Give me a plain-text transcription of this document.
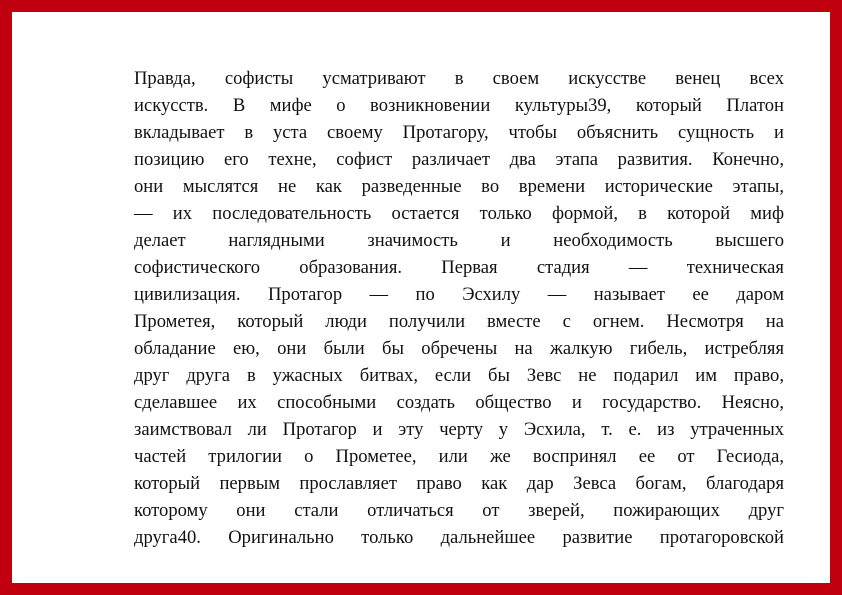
Правда, софисты усматривают в своем искусстве венец всех
искусств. В мифе о возникновении культуры39, который Платон
вкладывает в уста своему Протагору, чтобы объяснить сущность и
позицию его техне, софист различает два этапа развития. Конечно,
они мыслятся не как разведенные во времени исторические этапы,
— их последовательность остается только формой, в которой миф
делает наглядными значимость и необходимость высшего
софистического образования. Первая стадия — техническая
цивилизация. Протагор — по Эсхилу — называет ее даром
Прометея, который люди получили вместе с огнем. Несмотря на
обладание ею, они были бы обречены на жалкую гибель, истребляя
друг друга в ужасных битвах, если бы Зевс не подарил им право,
сделавшее их способными создать общество и государство. Неясно,
заимствовал ли Протагор и эту черту у Эсхила, т. е. из утраченных
частей трилогии о Прометее, или же воспринял ее от Гесиода,
который первым прославляет право как дар Зевса богам, благодаря
которому они стали отличаться от зверей, пожирающих друг
друга40. Оригинально только дальнейшее развитие протагоровской
